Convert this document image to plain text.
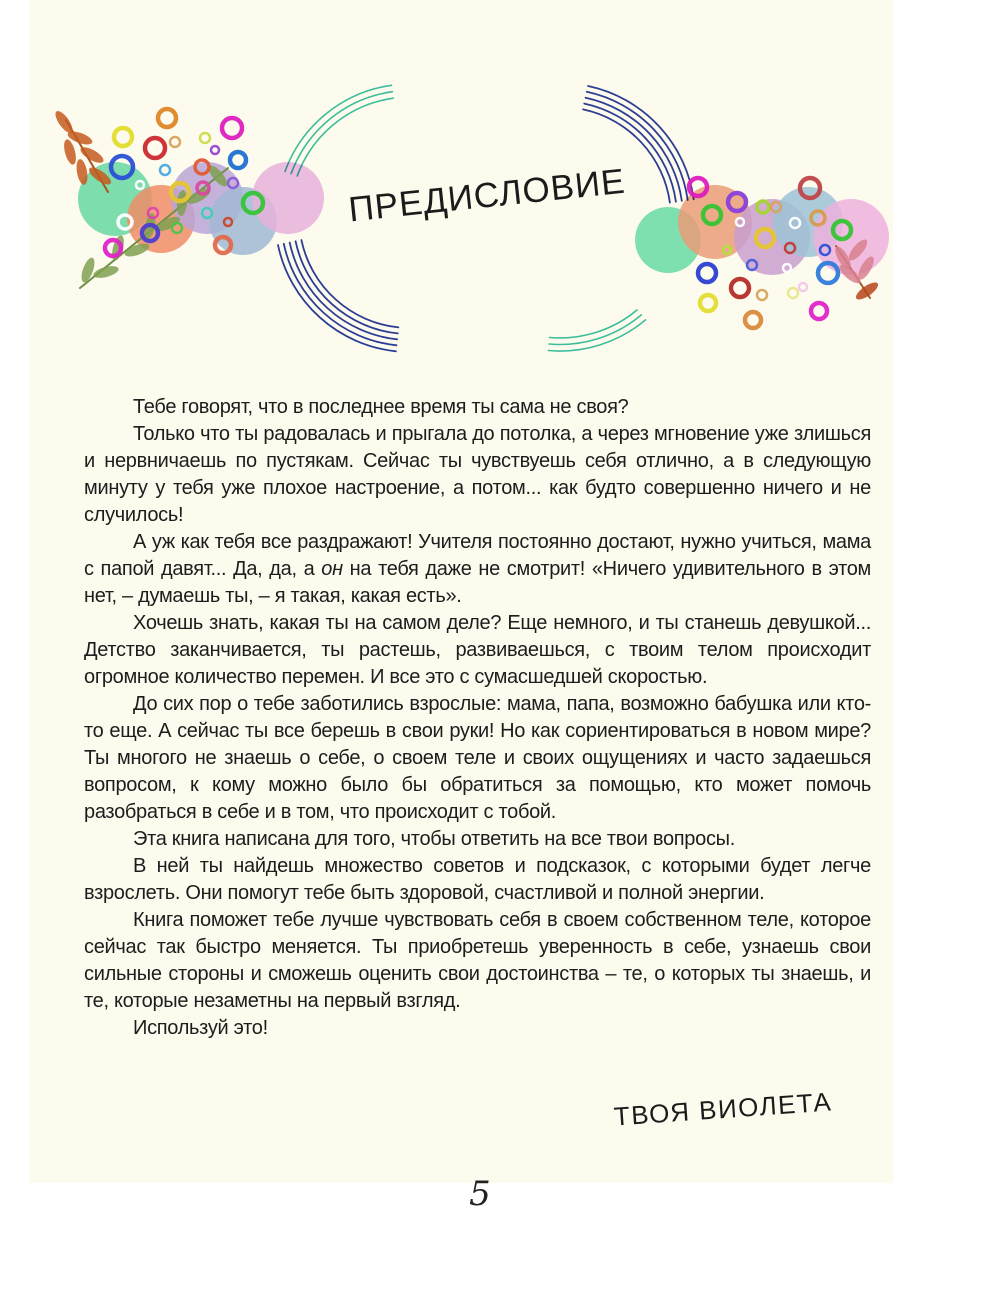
ПРЕДИСЛОВИЕ

Тебе говорят, что в последнее время ты сама не своя?

Только что ты радовалась и прыгала до потолка, а через мгновение уже злишься и нервничаешь по пустякам. Сейчас ты чувствуешь себя отлично, а в следующую минуту у тебя уже плохое настроение, а потом... как будто совершенно ничего и не случилось!

А уж как тебя все раздражают! Учителя постоянно достают, нужно учиться, мама с папой давят... Да, да, а он на тебя даже не смотрит! «Ничего удивительного в этом нет, – думаешь ты, – я такая, какая есть».

Хочешь знать, какая ты на самом деле? Еще немного, и ты станешь девушкой... Детство заканчивается, ты растешь, развиваешься, с твоим телом происходит огромное количество перемен. И все это с сумасшедшей скоростью.

До сих пор о тебе заботились взрослые: мама, папа, возможно бабушка или кто-то еще. А сейчас ты все берешь в свои руки! Но как сориентироваться в новом мире? Ты многого не знаешь о себе, о своем теле и своих ощущениях и часто задаешься вопросом, к кому можно было бы обратиться за помощью, кто может помочь разобраться в себе и в том, что происходит с тобой.

Эта книга написана для того, чтобы ответить на все твои вопросы.

В ней ты найдешь множество советов и подсказок, с которыми будет легче взрослеть. Они помогут тебе быть здоровой, счастливой и полной энергии.

Книга поможет тебе лучше чувствовать себя в своем собственном теле, которое сейчас так быстро меняется. Ты приобретешь уверенность в себе, узнаешь свои сильные стороны и сможешь оценить свои достоинства – те, о которых ты знаешь, и те, которые незаметны на первый взгляд.

Используй это!

ТВОЯ ВИОЛЕТА
5
